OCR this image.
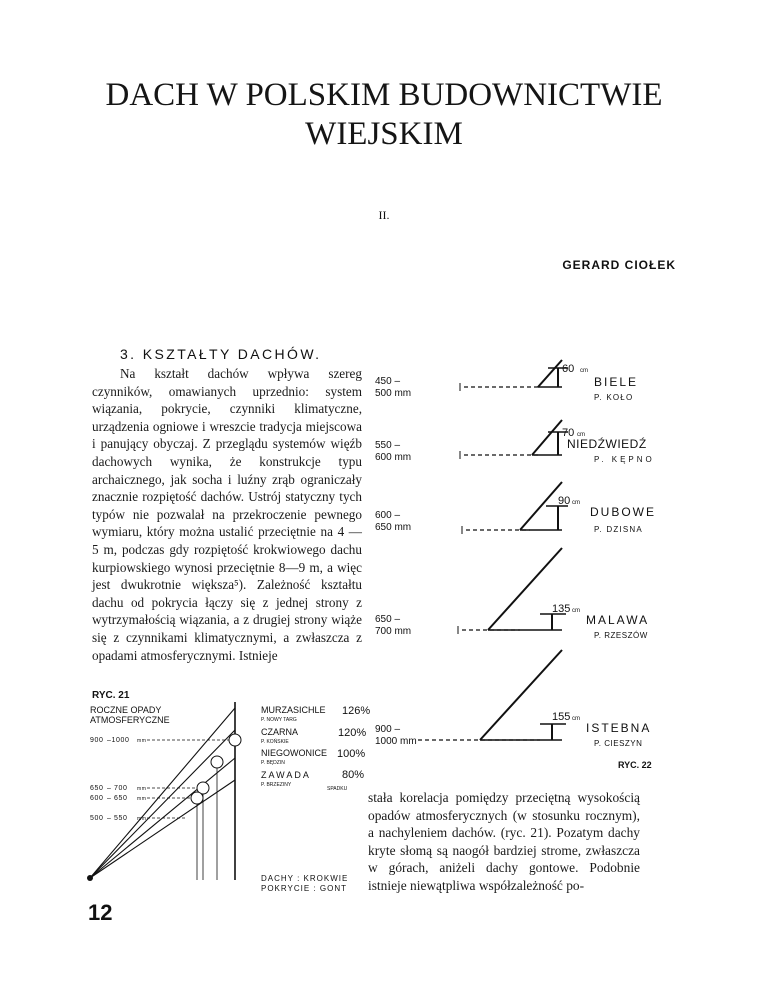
DACH W POLSKIM BUDOWNICTWIE
WIEJSKIM
II.
GERARD CIOŁEK
3. KSZTAŁTY DACHÓW.

Na kształt dachów wpływa szereg czynników, omawianych uprzednio: system wiązania, pokrycie, czynniki klimatyczne, urządzenia ogniowe i wreszcie tradycja miejscowa i panujący obyczaj. Z przeglądu systemów więźb dachowych wynika, że konstrukcje typu archaicznego, jak socha i luźny zrąb ograniczały znacznie rozpiętość dachów. Ustrój statyczny tych typów nie pozwalał na przekroczenie pewnego wymiaru, który można ustalić przeciętnie na 4 — 5 m, podczas gdy rozpiętość krokwiowego dachu kurpiowskiego wynosi przeciętnie 8—9 m, a więc jest dwukrotnie większa⁵). Zależność kształtu dachu od pokrycia łączy się z jednej strony z wytrzymałością wiązania, a z drugiej strony wiąże się z czynnikami klimatycznymi, a zwłaszcza z opadami atmosferycznymi. Istnieje

stała korelacja pomiędzy przeciętną wysokością opadów atmosferycznych (w stosunku rocznym), a nachyleniem dachów. (ryc. 21). Pozatym dachy kryte słomą są naogół bardziej strome, zwłaszcza w górach, aniżeli dachy gontowe. Podobnie istnieje niewątpliwa współzależność po-

RYC. 21
ROCZNE OPADY
ATMOSFERYCZNE
900 –1000 mm
650 – 700 mm
600 – 650 mm
500 – 550 mm
MURZASICHLE 126%
P. NOWY TARG
CZARNA	120%
P. KOŃSKIE
NIEGOWONICE 100%
P. BĘDZIN
ZAWADA	80%
P. BRZEZINY
SPADKU
DACHY : KROKWIE
POKRYCIE : GONT
450 –
500 mm
60 cm
BIELE
P. KOŁO
550 –
600 mm
70 cm
NIEDŹWIEDŹ
P. KĘPNO
600 –
650 mm
90 cm
DUBOWE
P. DZISNA
650 –
700 mm
135 cm
MALAWA
P. RZESZÓW
900 –
1000 mm
155 cm
ISTEBNA
P. CIESZYN
RYC. 22
12
